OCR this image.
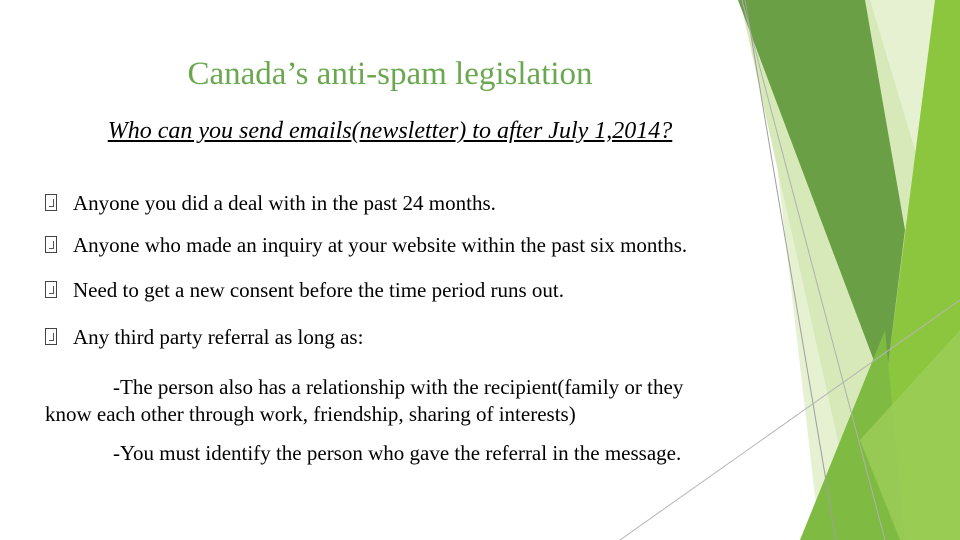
Canada’s anti-spam legislation
Who can you send emails(newsletter) to after July 1,2014?
Anyone you did a deal with in the past 24 months.
Anyone who made an inquiry at your website within the past six months.
Need to get a new consent before the time period runs out.
Any third party referral as long as:
-The person also has a relationship with the recipient(family or they know each other through work, friendship, sharing of interests)
-You must identify the person who gave the referral in the message.
